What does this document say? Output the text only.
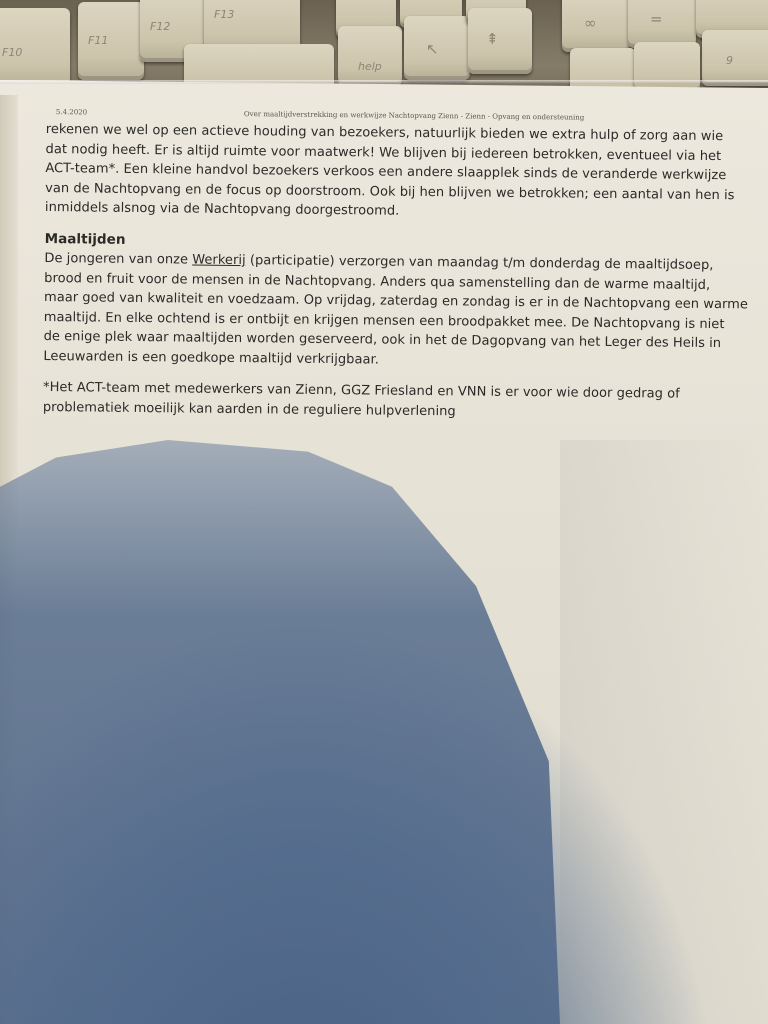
F10
F11
F12
F13
help
↖
⇞
∞	=
9
5.4.2020	Over maaltijdverstrekking en werkwijze Nachtopvang Zienn - Zienn - Opvang en ondersteuning

rekenen we wel op een actieve houding van bezoekers, natuurlijk bieden we extra hulp of zorg aan wie

dat nodig heeft. Er is altijd ruimte voor maatwerk! We blijven bij iedereen betrokken, eventueel via het

ACT-team*. Een kleine handvol bezoekers verkoos een andere slaapplek sinds de veranderde werkwijze

van de Nachtopvang en de focus op doorstroom. Ook bij hen blijven we betrokken; een aantal van hen is

inmiddels alsnog via de Nachtopvang doorgestroomd.

Maaltijden

De jongeren van onze Werkerij (participatie) verzorgen van maandag t/m donderdag de maaltijdsoep,

brood en fruit voor de mensen in de Nachtopvang. Anders qua samenstelling dan de warme maaltijd,

maar goed van kwaliteit en voedzaam. Op vrijdag, zaterdag en zondag is er in de Nachtopvang een warme

maaltijd. En elke ochtend is er ontbijt en krijgen mensen een broodpakket mee. De Nachtopvang is niet

de enige plek waar maaltijden worden geserveerd, ook in het de Dagopvang van het Leger des Heils in

Leeuwarden is een goedkope maaltijd verkrijgbaar.

*Het ACT-team met medewerkers van Zienn, GGZ Friesland en VNN is er voor wie door gedrag of

problematiek moeilijk kan aarden in de reguliere hulpverlening
